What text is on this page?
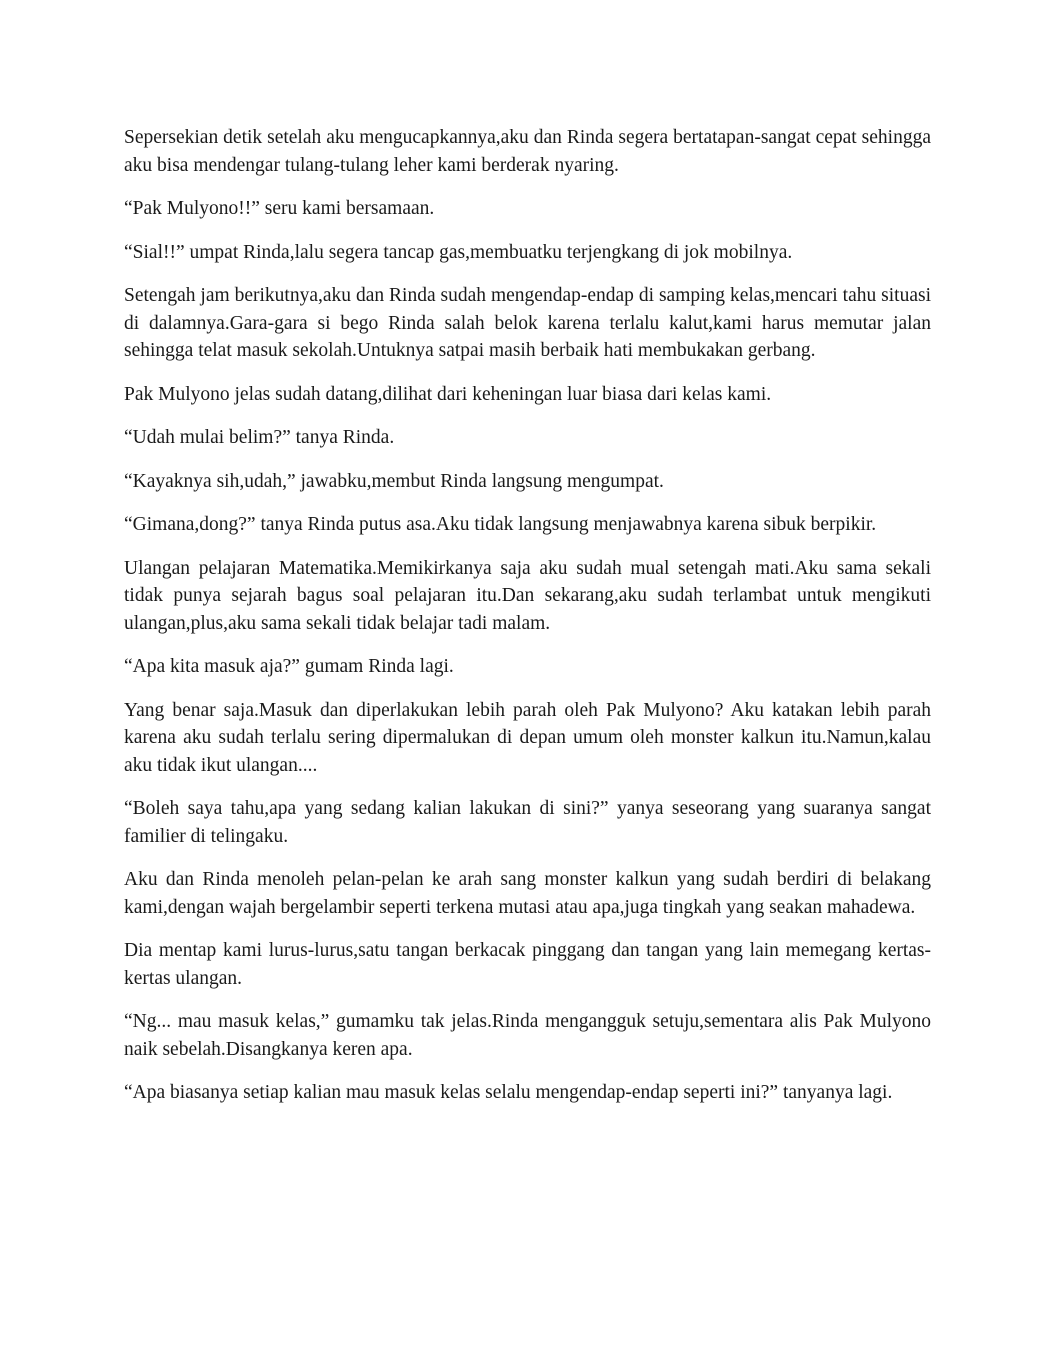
Sepersekian detik setelah aku mengucapkannya,aku dan Rinda segera bertatapan-sangat cepat sehingga aku bisa mendengar tulang-tulang leher kami berderak nyaring.

“Pak Mulyono!!” seru kami bersamaan.

“Sial!!” umpat Rinda,lalu segera tancap gas,membuatku terjengkang di jok mobilnya.

Setengah jam berikutnya,aku dan Rinda sudah mengendap-endap di samping kelas,mencari tahu situasi di dalamnya.Gara-gara si bego Rinda salah belok karena terlalu kalut,kami harus memutar jalan sehingga telat masuk sekolah.Untuknya satpai masih berbaik hati membukakan gerbang.

Pak Mulyono jelas sudah datang,dilihat dari keheningan luar biasa dari kelas kami.

“Udah mulai belim?” tanya Rinda.

“Kayaknya sih,udah,” jawabku,membut Rinda langsung mengumpat.

“Gimana,dong?” tanya Rinda putus asa.Aku tidak langsung menjawabnya karena sibuk berpikir.

Ulangan pelajaran Matematika.Memikirkanya saja aku sudah mual setengah mati.Aku sama sekali tidak punya sejarah bagus soal pelajaran itu.Dan sekarang,aku sudah terlambat untuk mengikuti ulangan,plus,aku sama sekali tidak belajar tadi malam.

“Apa kita masuk aja?” gumam Rinda lagi.

Yang benar saja.Masuk dan diperlakukan lebih parah oleh Pak Mulyono? Aku katakan lebih parah karena aku sudah terlalu sering dipermalukan di depan umum oleh monster kalkun itu.Namun,kalau aku tidak ikut ulangan....

“Boleh saya tahu,apa yang sedang kalian lakukan di sini?” yanya seseorang yang suaranya sangat familier di telingaku.

Aku dan Rinda menoleh pelan-pelan ke arah sang monster kalkun yang sudah berdiri di belakang kami,dengan wajah bergelambir seperti terkena mutasi atau apa,juga tingkah yang seakan mahadewa.

Dia mentap kami lurus-lurus,satu tangan berkacak pinggang dan tangan yang lain memegang kertas-kertas ulangan.

“Ng... mau masuk kelas,” gumamku tak jelas.Rinda mengangguk setuju,sementara alis Pak Mulyono naik sebelah.Disangkanya keren apa.

“Apa biasanya setiap kalian mau masuk kelas selalu mengendap-endap seperti ini?” tanyanya lagi.
